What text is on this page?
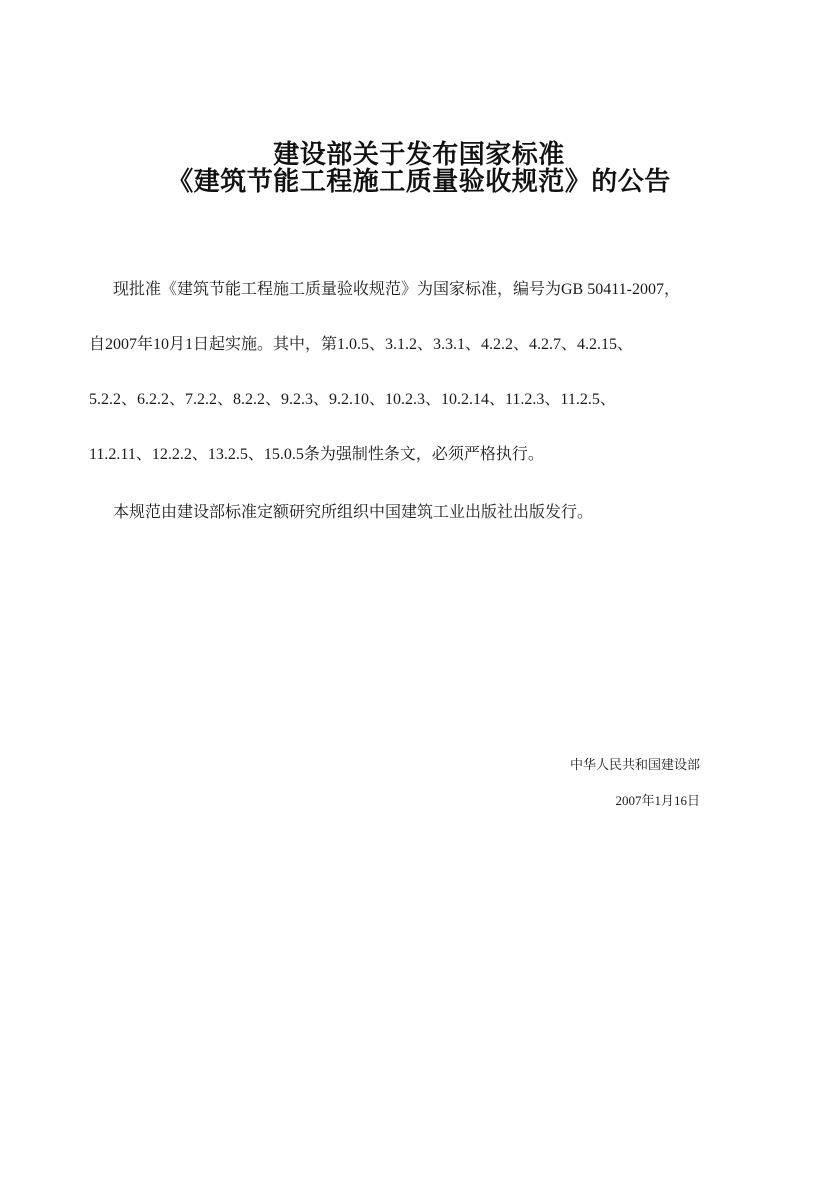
建设部关于发布国家标准
《建筑节能工程施工质量验收规范》的公告
现批准《建筑节能工程施工质量验收规范》为国家标准，编号为GB 50411-2007，
自2007年10月1日起实施。其中，第1.0.5、3.1.2、3.3.1、4.2.2、4.2.7、4.2.15、
5.2.2、6.2.2、7.2.2、8.2.2、9.2.3、9.2.10、10.2.3、10.2.14、11.2.3、11.2.5、
11.2.11、12.2.2、13.2.5、15.0.5条为强制性条文，必须严格执行。
本规范由建设部标准定额研究所组织中国建筑工业出版社出版发行。
中华人民共和国建设部
2007年1月16日
